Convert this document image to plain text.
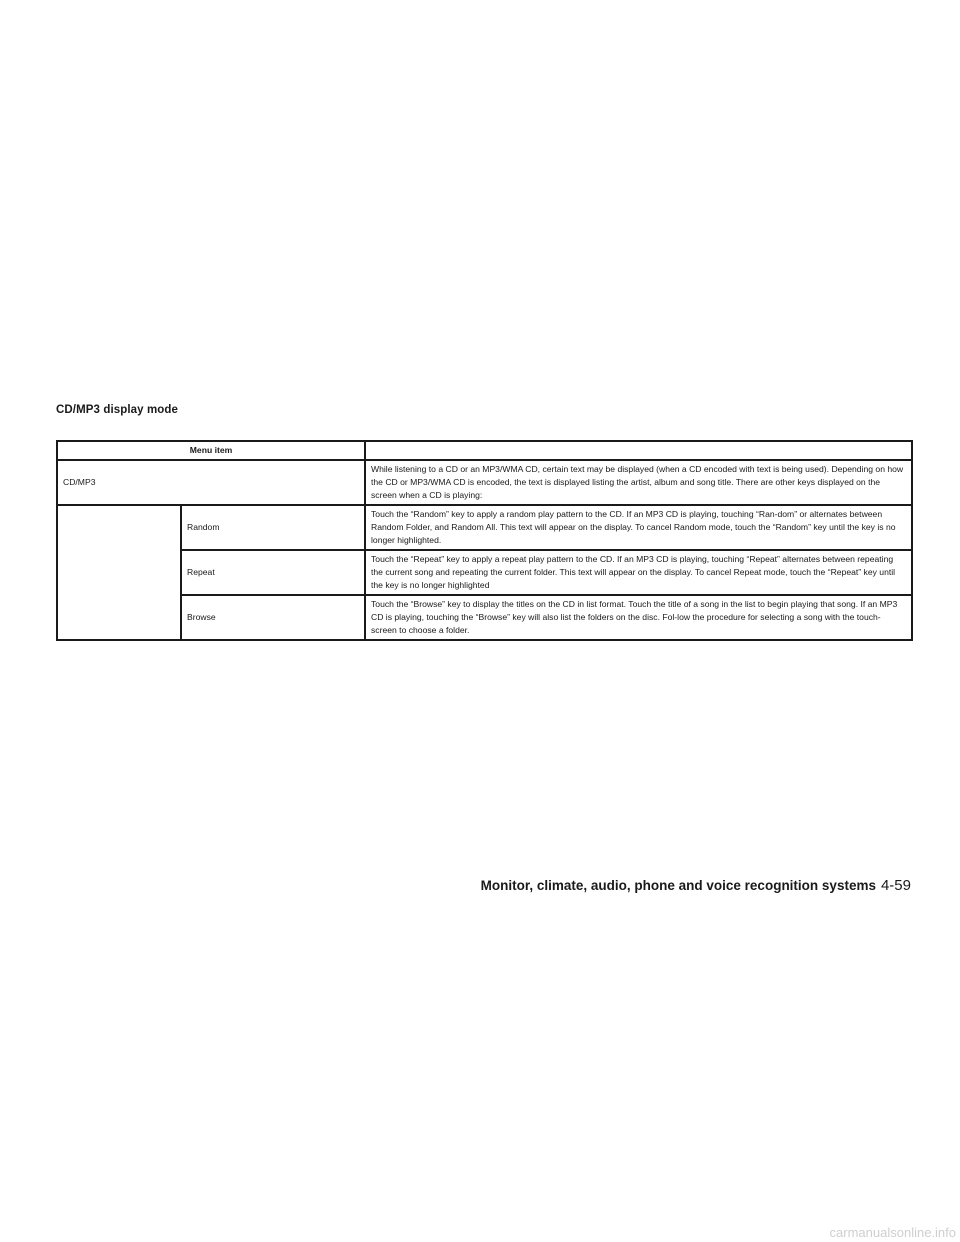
CD/MP3 display mode
Menu item		
CD/MP3		While listening to a CD or an MP3/WMA CD, certain text may be displayed (when a CD encoded with text is being used). Depending on how the CD or MP3/WMA CD is encoded, the text is displayed listing the artist, album and song title. There are other keys displayed on the screen when a CD is playing:
	Random	Touch the “Random” key to apply a random play pattern to the CD. If an MP3 CD is playing, touching “Ran-dom” or alternates between Random Folder, and Random All. This text will appear on the display. To cancel Random mode, touch the “Random” key until the key is no longer highlighted.
	Repeat	Touch the “Repeat” key to apply a repeat play pattern to the CD. If an MP3 CD is playing, touching “Repeat” alternates between repeating the current song and repeating the current folder. This text will appear on the display. To cancel Repeat mode, touch the “Repeat” key until the key is no longer highlighted
	Browse	Touch the “Browse” key to display the titles on the CD in list format. Touch the title of a song in the list to begin playing that song. If an MP3 CD is playing, touching the “Browse” key will also list the folders on the disc. Fol-low the procedure for selecting a song with the touch-screen to choose a folder.
Monitor, climate, audio, phone and voice recognition systems 4-59
carmanualsonline.info
